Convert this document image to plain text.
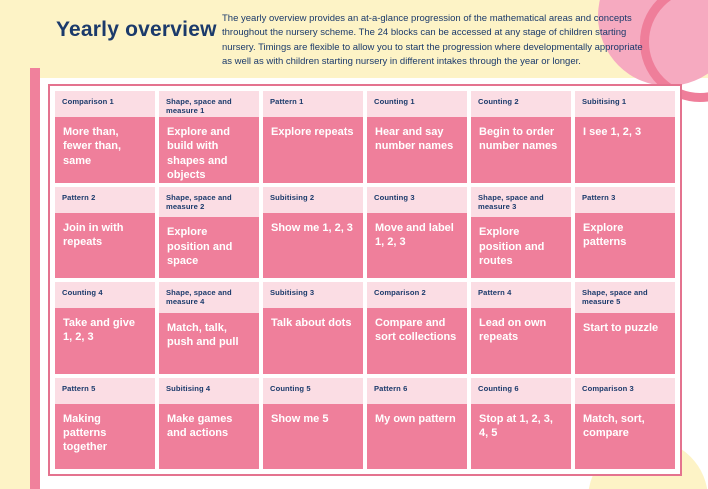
Yearly overview The yearly overview provides an at-a-glance progression of the mathematical areas and concepts throughout the nursery scheme. The 24 blocks can be accessed at any stage of children starting nursery. Timings are flexible to allow you to start the progression where developmentally appropriate as well as with children starting nursery in different intakes through the year or longer.
Comparison 1
More than, fewer than, same
Shape, space and measure 1
Explore and build with shapes and objects
Pattern 1
Explore repeats
Counting 1
Hear and say number names
Counting 2
Begin to order number names
Subitising 1
I see 1, 2, 3
Pattern 2
Join in with repeats
Shape, space and measure 2
Explore position and space
Subitising 2
Show me 1, 2, 3
Counting 3
Move and label 1, 2, 3
Shape, space and measure 3
Explore position and routes
Pattern 3
Explore patterns
Counting 4
Take and give 1, 2, 3
Shape, space and measure 4
Match, talk, push and pull
Subitising 3
Talk about dots
Comparison 2
Compare and sort collections
Pattern 4
Lead on own repeats
Shape, space and measure 5
Start to puzzle
Pattern 5
Making patterns together
Subitising 4
Make games and actions
Counting 5
Show me 5
Pattern 6
My own pattern
Counting 6
Stop at 1, 2, 3, 4, 5
Comparison 3
Match, sort, compare
